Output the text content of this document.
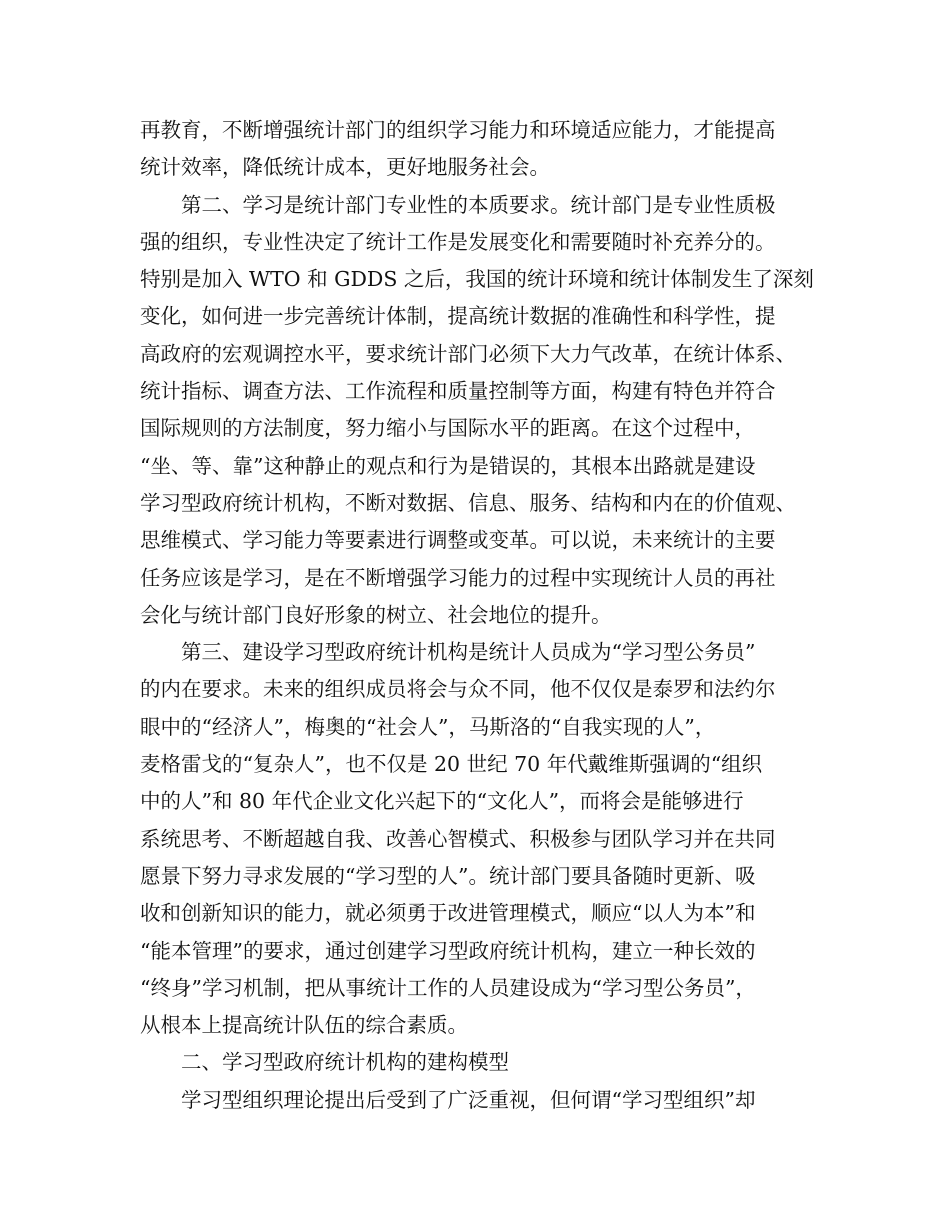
再教育，不断增强统计部门的组织学习能力和环境适应能力，才能提高
统计效率，降低统计成本，更好地服务社会。
第二、学习是统计部门专业性的本质要求。统计部门是专业性质极
强的组织，专业性决定了统计工作是发展变化和需要随时补充养分的。
特别是加入 WTO 和 GDDS 之后，我国的统计环境和统计体制发生了深刻
变化，如何进一步完善统计体制，提高统计数据的准确性和科学性，提
高政府的宏观调控水平，要求统计部门必须下大力气改革，在统计体系、
统计指标、调查方法、工作流程和质量控制等方面，构建有特色并符合
国际规则的方法制度，努力缩小与国际水平的距离。在这个过程中，
“坐、等、靠”这种静止的观点和行为是错误的，其根本出路就是建设
学习型政府统计机构，不断对数据、信息、服务、结构和内在的价值观、
思维模式、学习能力等要素进行调整或变革。可以说，未来统计的主要
任务应该是学习，是在不断增强学习能力的过程中实现统计人员的再社
会化与统计部门良好形象的树立、社会地位的提升。
第三、建设学习型政府统计机构是统计人员成为“学习型公务员”
的内在要求。未来的组织成员将会与众不同，他不仅仅是泰罗和法约尔
眼中的“经济人”，梅奥的“社会人”，马斯洛的“自我实现的人”，
麦格雷戈的“复杂人”，也不仅是 20 世纪 70 年代戴维斯强调的“组织
中的人”和 80 年代企业文化兴起下的“文化人”，而将会是能够进行
系统思考、不断超越自我、改善心智模式、积极参与团队学习并在共同
愿景下努力寻求发展的“学习型的人”。统计部门要具备随时更新、吸
收和创新知识的能力，就必须勇于改进管理模式，顺应“以人为本”和
“能本管理”的要求，通过创建学习型政府统计机构，建立一种长效的
“终身”学习机制，把从事统计工作的人员建设成为“学习型公务员”，
从根本上提高统计队伍的综合素质。
二、学习型政府统计机构的建构模型
学习型组织理论提出后受到了广泛重视，但何谓“学习型组织”却
